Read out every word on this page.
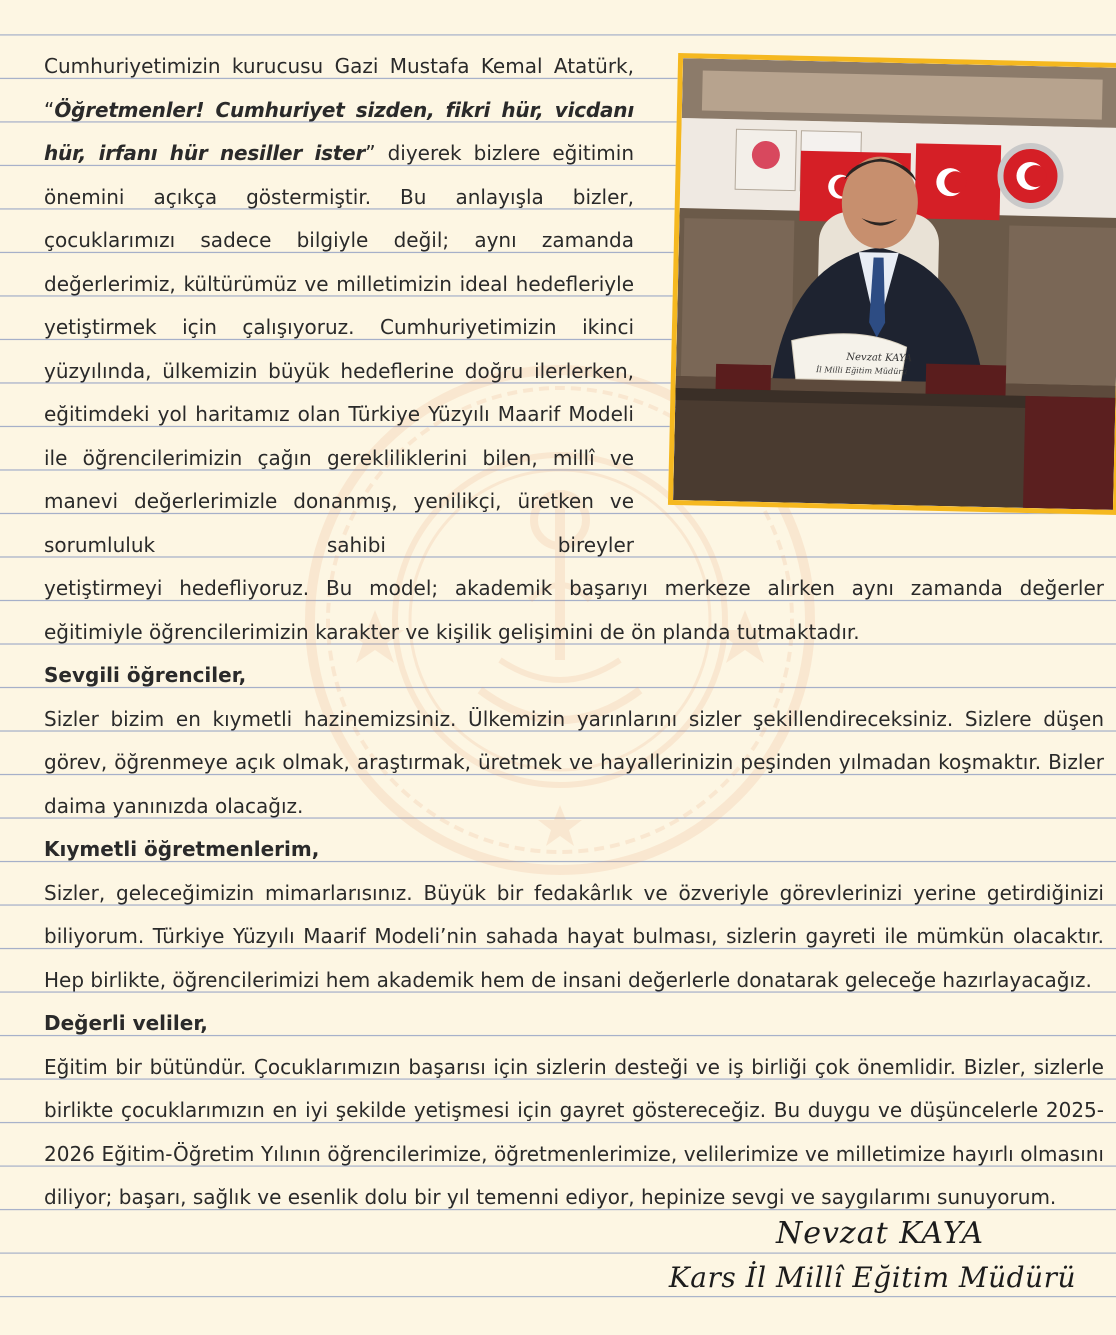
Nevzat KAYA
İl Milli Eğitim Müdürü
Cumhuriyetimizin kurucusu Gazi Mustafa Kemal Atatürk, “Öğretmenler! Cumhuriyet sizden, fikri hür, vicdanı hür, irfanı hür nesiller ister” diyerek bizlere eğitimin önemini açıkça göstermiştir. Bu anlayışla bizler, çocuklarımızı sadece bilgiyle değil; aynı zamanda değerlerimiz, kültürümüz ve milletimizin ideal hedefleriyle yetiştirmek için çalışıyoruz. Cumhuriyetimizin ikinci yüzyılında, ülkemizin büyük hedeflerine doğru ilerlerken, eğitimdeki yol haritamız olan Türkiye Yüzyılı Maarif Modeli ile öğrencilerimizin çağın gerekliliklerini bilen, millî ve manevi değerlerimizle donanmış, yenilikçi, üretken ve sorumluluk sahibi bireyler

yetiştirmeyi hedefliyoruz. Bu model; akademik başarıyı merkeze alırken aynı zamanda değerler eğitimiyle öğrencilerimizin karakter ve kişilik gelişimini de ön planda tutmaktadır.

Sevgili öğrenciler,

Sizler bizim en kıymetli hazinemizsiniz. Ülkemizin yarınlarını sizler şekillendireceksiniz. Sizlere düşen görev, öğrenmeye açık olmak, araştırmak, üretmek ve hayallerinizin peşinden yılmadan koşmaktır. Bizler daima yanınızda olacağız.

Kıymetli öğretmenlerim,

Sizler, geleceğimizin mimarlarısınız. Büyük bir fedakârlık ve özveriyle görevlerinizi yerine getirdiğinizi biliyorum. Türkiye Yüzyılı Maarif Modeli’nin sahada hayat bulması, sizlerin gayreti ile mümkün olacaktır. Hep birlikte, öğrencilerimizi hem akademik hem de insani değerlerle donatarak geleceğe hazırlayacağız.

Değerli veliler,

Eğitim bir bütündür. Çocuklarımızın başarısı için sizlerin desteği ve iş birliği çok önemlidir. Bizler, sizlerle birlikte çocuklarımızın en iyi şekilde yetişmesi için gayret göstereceğiz. Bu duygu ve düşüncelerle 2025-2026 Eğitim-Öğretim Yılının öğrencilerimize, öğretmenlerimize, velilerimize ve milletimize hayırlı olmasını diliyor; başarı, sağlık ve esenlik dolu bir yıl temenni ediyor, hepinize sevgi ve saygılarımı sunuyorum.

Nevzat KAYA
Kars İl Millî Eğitim Müdürü
